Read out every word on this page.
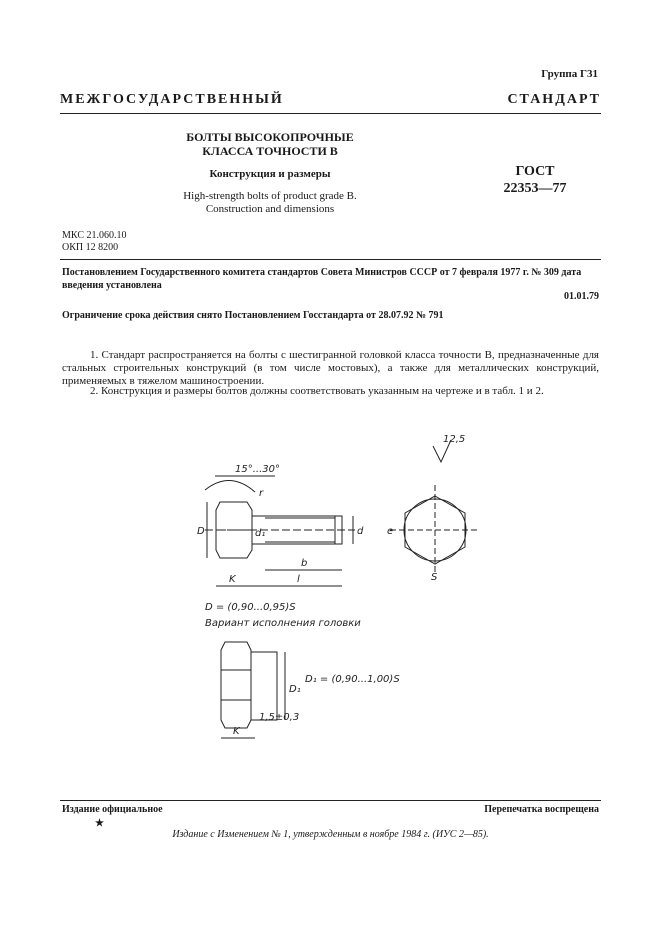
Группа Г31
МЕЖГОСУДАРСТВЕННЫЙ СТАНДАРТ
БОЛТЫ ВЫСОКОПРОЧНЫЕ
КЛАССА ТОЧНОСТИ В
Конструкция и размеры
High-strength bolts of product grade B.
Construction and dimensions
ГОСТ
22353—77
МКС 21.060.10
ОКП 12 8200
Постановлением Государственного комитета стандартов Совета Министров СССР от 7 февраля 1977 г. № 309 дата введения установлена
01.01.79
Ограничение срока действия снято Постановлением Госстандарта от 28.07.92 № 791
1. Стандарт распространяется на болты с шестигранной головкой класса точности В, предназначенные для стальных строительных конструкций (в том числе мостовых), а также для металлических конструкций, применяемых в тяжелом машиностроении.
2. Конструкция и размеры болтов должны соответствовать указанным на чертеже и в табл. 1 и 2.
12,5
15°...30°
r
D	d₁	d e
b
l
K	S
D = (0,90...0,95)S
Вариант исполнения головки
D₁
D₁ = (0,90...1,00)S
K
1,5±0,3
Издание официальное	Перепечатка воспрещена
★
Издание с Изменением № 1, утвержденным в ноябре 1984 г. (ИУС 2—85).
